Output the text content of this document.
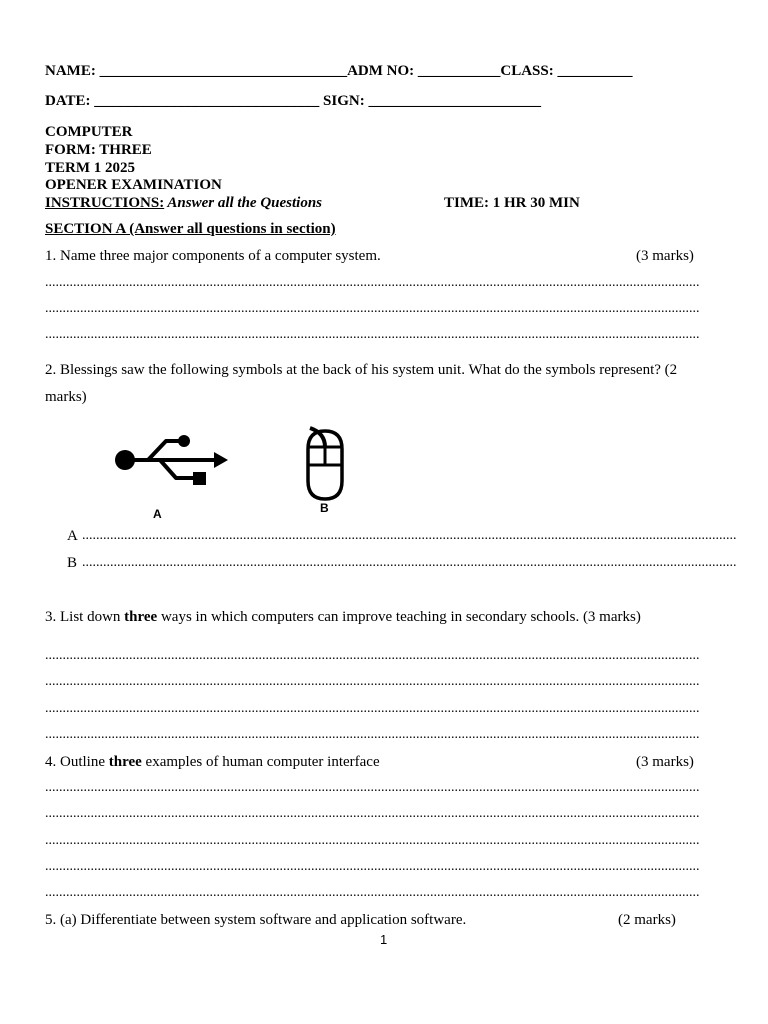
NAME: _________________________________ADM NO: ___________CLASS: __________
DATE: ______________________________ SIGN: _______________________
COMPUTER
FORM: THREE
TERM 1 2025
OPENER EXAMINATION
INSTRUCTIONS: Answer all the Questions	TIME: 1 HR 30 MIN
SECTION A (Answer all questions in section)
1. Name three major components of a computer system.	(3 marks)
...........................................................................................................................................................................................
...........................................................................................................................................................................................
...........................................................................................................................................................................................
2. Blessings saw the following symbols at the back of his system unit. What do the symbols represent? (2
marks)
A	B
A ...........................................................................................................................................................................................
B ...........................................................................................................................................................................................
3. List down three ways in which computers can improve teaching in secondary schools. (3 marks)
...........................................................................................................................................................................................
...........................................................................................................................................................................................
...........................................................................................................................................................................................
...........................................................................................................................................................................................
4. Outline three examples of human computer interface	(3 marks)
...........................................................................................................................................................................................
...........................................................................................................................................................................................
...........................................................................................................................................................................................
...........................................................................................................................................................................................
...........................................................................................................................................................................................
5. (a) Differentiate between system software and application software.	(2 marks)
1
